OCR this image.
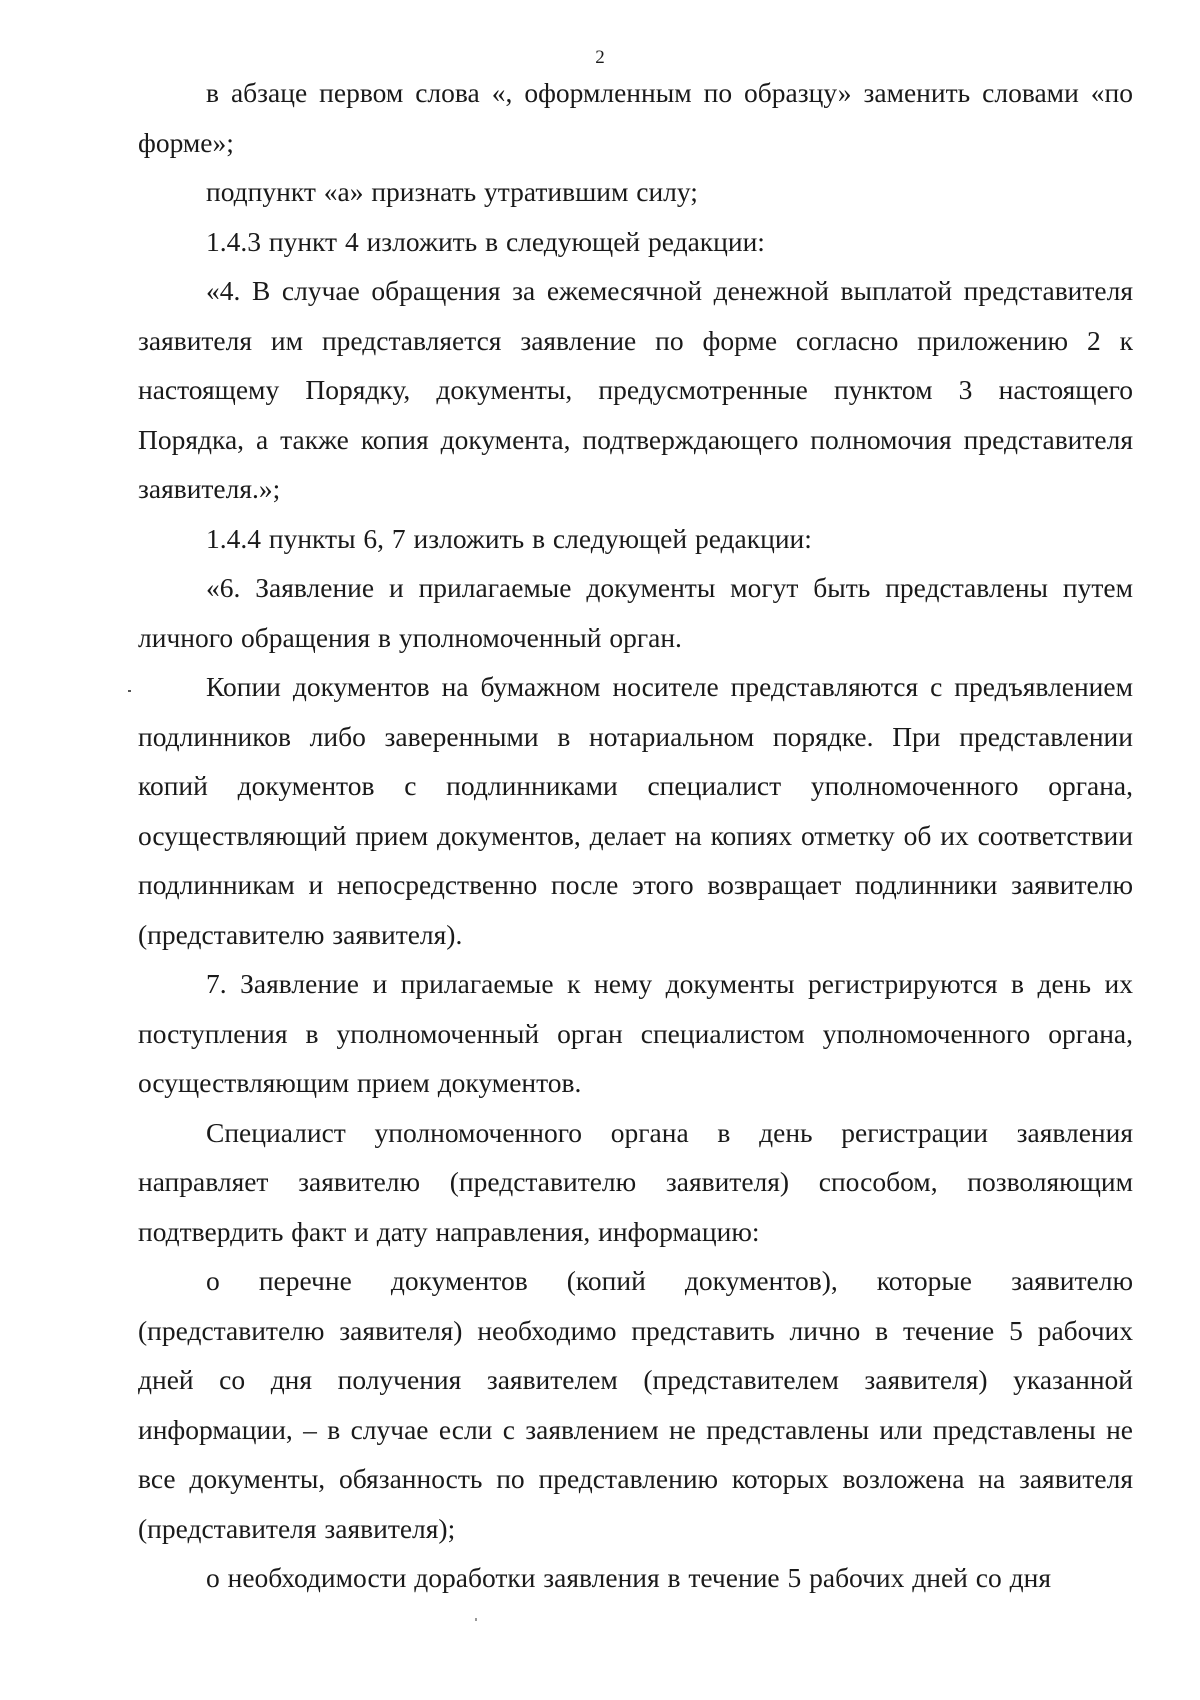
2

в абзаце первом слова «, оформленным по образцу» заменить словами «по форме»;

подпункт «а» признать утратившим силу;

1.4.3 пункт 4 изложить в следующей редакции:

«4. В случае обращения за ежемесячной денежной выплатой представителя заявителя им представляется заявление по форме согласно приложению 2 к настоящему Порядку, документы, предусмотренные пунктом 3 настоящего Порядка, а также копия документа, подтверждающего полномочия представителя заявителя.»;

1.4.4 пункты 6, 7 изложить в следующей редакции:

«6. Заявление и прилагаемые документы могут быть представлены путем личного обращения в уполномоченный орган.

Копии документов на бумажном носителе представляются с предъявлением подлинников либо заверенными в нотариальном порядке. При представлении копий документов с подлинниками специалист уполномоченного органа, осуществляющий прием документов, делает на копиях отметку об их соответствии подлинникам и непосредственно после этого возвращает подлинники заявителю (представителю заявителя).

7. Заявление и прилагаемые к нему документы регистрируются в день их поступления в уполномоченный орган специалистом уполномоченного органа, осуществляющим прием документов.

Специалист уполномоченного органа в день регистрации заявления направляет заявителю (представителю заявителя) способом, позволяющим подтвердить факт и дату направления, информацию:

о перечне документов (копий документов), которые заявителю (представителю заявителя) необходимо представить лично в течение 5 рабочих дней со дня получения заявителем (представителем заявителя) указанной информации, – в случае если с заявлением не представлены или представлены не все документы, обязанность по представлению которых возложена на заявителя (представителя заявителя);

о необходимости доработки заявления в течение 5 рабочих дней со дня
